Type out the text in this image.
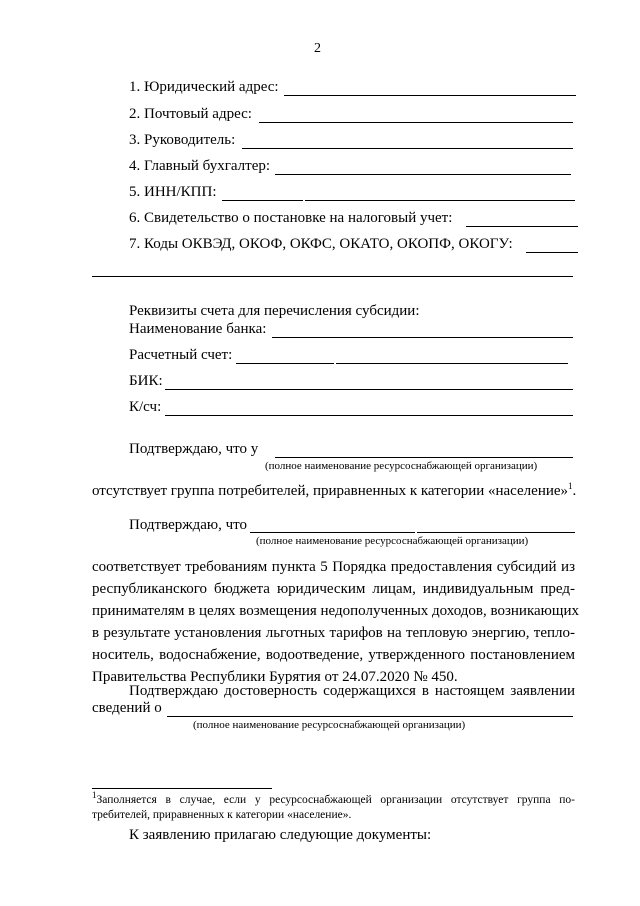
2
1. Юридический адрес:
2. Почтовый адрес:
3. Руководитель:
4. Главный бухгалтер:
5. ИНН/КПП:
6. Свидетельство о постановке на налоговый учет:
7. Коды ОКВЭД, ОКОФ, ОКФС, ОКАТО, ОКОПФ, ОКОГУ:
Реквизиты счета для перечисления субсидии:
Наименование банка:
Расчетный счет:
БИК:
К/сч:
Подтверждаю, что у
(полное наименование ресурсоснабжающей организации)
отсутствует группа потребителей, приравненных к категории «население»$^1$.
Подтверждаю, что
(полное наименование ресурсоснабжающей организации)
соответствует требованиям пункта 5 Порядка предоставления субсидий из
республиканского бюджета юридическим лицам, индивидуальным пред-
принимателям в целях возмещения недополученных доходов, возникающих
в результате установления льготных тарифов на тепловую энергию, тепло-
носитель, водоснабжение, водоотведение, утвержденного постановлением
Правительства Республики Бурятия от 24.07.2020 № 450.
Подтверждаю достоверность содержащихся в настоящем заявлении
сведений о
(полное наименование ресурсоснабжающей организации)
$^1$Заполняется в случае, если у ресурсоснабжающей организации отсутствует группа по-
требителей, приравненных к категории «население».
К заявлению прилагаю следующие документы:
